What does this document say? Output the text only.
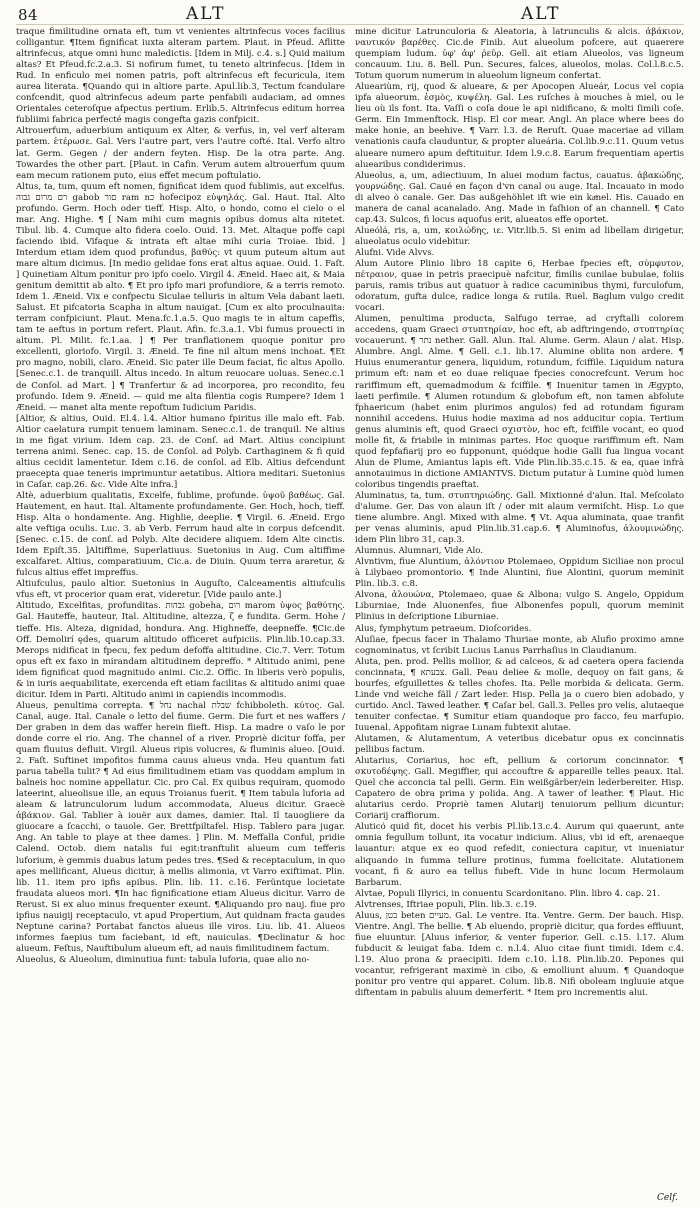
84	ALT	ALT

traque fimilitudine ornata eft, tum vt venientes altrinfecus voces facilius colligantur. ¶Item fignificat iuxta alteram partem. Plaut. in Pfeud. Aflitte altrinfecus, atque omni hunc maledictis. [Idem in Milj. c.4. s.] Quid maiium altas? Et Pfeud.fc.2.a.3. Si nofirum fumet, tu teneto altrinfecus. [Idem in Rud. In enficulo mei nomen patris, poft altrinfecus eft fecuricula, item aurea literata. ¶Quando qui in altiore parte. Apul.lib.3, Tectum fcandulare confcendit, quod altrinfecus adeum parte penfabili audaciam, ad omnes Orientales ceteroſque afpectus pertium. Erlib.5. Altrinfecus editum horrea fubliimi fabrica perfecté magis congefta gazis confpicit.

Altrouerfum, aduerbium antiquum ex Alter, & verfus, in, vel verf alteram partem. ἑτέρωσε. Gal. Vers l'autre part, vers l'autre cofté. Ital. Verfo altro lat. Germ. Gegen / der andern feyten. Hisp. De la otra parte. Ang. Towardes the other part. [Plaut. in Cafin. Verum autem altrouerfum quum eam mecum rationem puto, eius effet mecum poftulatio.

Altus, ta, tum, quum eft nomen, fignificat idem quod fublimis, aut excelfus. רם מרום גבוה gabob םור ram nכ hofecipoz εὐψηλάς. Gal. Haut. Ital. Alto profundo. Germ. Hoch oder tieff. Hisp. Alto, o hondo, como el cielo o el mar. Ang. Highe. ¶ [ Nam mihi cum magnis opibus domus alta nitetet. Tibul. lib. 4. Cumque alto fidera coelo. Ouid. 13. Met. Altaque poffe capi faciendo ibid. Vifaque & intrata eft altae mihi curia Troiae. Ibid. ] Interdum etiam idem quod profundus, βαθύς: vt quum puteum altum aut mare altum dicimus. [In medio gelidae fons erat altus aquae. Ouid. 1. Faſt. ] Quinetiam Altum ponitur pro ipfo coelo. Virgil 4. Æneid. Haec ait, & Maia genitum demittit ab alto. ¶ Et pro ipfo mari profundiore, & a terris remoto. Idem 1. Æneid. Vix e confpectu Siculae telluris in altum Vela dabant laeti. Salust. Et pifcatoria Scapha in altum nauigat. [Cum ex alto proculnauita: terram confpiciunt. Plaut. Mena.fc.1.a.5. Quo magis te in altum capeffis, tam te aeftus in portum refert. Plaut. Afin. fc.3.a.1. Vbi fumus prouecti in altum. Pl. Milit. fc.1.aa. ] ¶ Per tranflationem quoque ponitur pro excellenti, gloriofo. Virgil. 3. Æneid. Te fine nil altum mens inchoat. ¶Et pro magno, nobili, claro. Æneid. Sic pater ille Deum faciat, fic altus Apollo. [Senec.c.1. de tranquill. Altus incedo. In altum reuocare uoluas. Senec.c.1 de Conſol. ad Mart. ] ¶ Tranfertur & ad incorporea, pro recondito, feu profundo. Idem 9. Æneid. — quid me alta filentia cogis Rumpere? Idem 1 Æneid. — manet alta mente repoftum Iudicium Paridis.

[Altior, & altius, Ouid. El.4. l.4. Altior humano fpiritus ille malo eft. Fab. Altior caelatura rumpit tenuem laminam. Senec.c.1. de tranquil. Ne altius in me figat virium. Idem cap. 23. de Conſ. ad Mart. Altius concipiunt terrena animi. Senec. cap. 15. de Conſol. ad Polyb. Carthaginem & fi quid altius cecidit lamentetur. Idem c.16. de conſol. ad Elb. Altius defcendunt praecepta quae teneris imprimuntur aetatibus. Altiora meditari. Suetonius in Caſar. cap.26. &c. Vide Alte infra.]

Altè, aduerbium qualitatis, Excelfe, fublime, profunde. ὑψοῦ βαθέως. Gal. Hautement, en haut. Ital. Altamente profundamente. Ger. Hoch, hoch, tieff. Hisp. Alta o hondamente. Ang. Highlie, deeplie. ¶ Virgil. 6. Æneid. Ergo alte veftiga oculis. Luc. 3. ab Verb. Ferrum haud alte in corpus defcendit. [Senec. c.15. de conſ. ad Polyb. Alte decidere aliquem. Idem Alte cinctis. Idem Epiſt.35. ]Altiffime, Superlatiuus. Suetonius in Aug. Cum altiffime excalfaret. Altius, comparatiuum, Cic.a. de Diuin. Quum terra araretur, & fulcus altius effet impreffus.

Altiufculus, paulo altior. Suetonius in Auguſto, Calceamentis altiufculis vfus eft, vt procerior quam erat, videretur. [Vide paulo ante.]

Altitudo, Excelfitas, profunditas. גבהות gobeha, רום marom ὑψος βαθύτης. Gal. Hauteffe, hauteur. Ital. Altitudine, altezza, ζ e fundita. Germ. Hohe / tieffe. His. Alteza, dignidad, hondura. Ang. Highneffe, deepneffe. ¶Cic.de Off. Demolirí ędes, quarum altitudo officeret aufpiciis. Plin.lib.10.cap.33. Merops nidificat in fpecu, fex pedum defoffa altitudine. Cic.7. Verr. Totum opus eft ex faxo in mirandam altitudinem depreffo. * Altitudo animi, pene idem fignificat quod magnitudo animi. Cic.2. Offic. In liberis verò populis, & in iuris aequabilitate, exercenda eft etiam facilitas & altitudo animi quae dicitur. Idem in Parti. Altitudo animi in capiendis incommodis.

Alueus, penultima correpta. ¶ נחל nachal שבלת fchibboleth. κύτος. Gal. Canal, auge. Ital. Canale o letto del fiume. Germ. Die furt et nes waffers / Der graben in dem das waffer herein flieft. Hisp. La madre o vaſo le por donde corre el rio. Ang. The channel of a river. Propriè dicitur foffa, per quam fluuius defluit. Virgil. Alueus ripis volucres, & fluminis alueo. [Ouid. 2. Faſt. Suftinet impofitos fumma cauus alueus vnda. Heu quantum fati parua tabella tulit? ¶ Ad eius fimilitudinem etiam vas quoddam amplum in balneis hoc nomine appellatur. Cic. pro Cal. Ex quibus requiram, quomodo lateerint, alueolisue ille, an equus Troianus fuerit. ¶ Item tabula luforia ad aleam & latrunculorum ludum accommodata, Alueus dicitur. Graecè ἀβάκιον. Gal. Tablier à iouër aux dames, damier. Ital. Il tauogliere da giuocare a ſcacchi, o tauole. Ger. Brettfpiltafel. Hisp. Tablero para jugar. Ang. An table to playe at thee dames. ] Plin. M. Meffalla Conful, pridie Calend. Octob. diem natalis fui egit:tranftulit alueum cum tefferis luforium, è gemmis duabus latum pedes tres. ¶Sed & receptaculum, in quo apes mellificant, Alueus dicitur, à mellis alimonia, vt Varro exiftimat. Plin. lib. 11. item pro ipfis apibus. Plin. lib. 11. c.16. Ferüntque locietate fraudata alueos mori. ¶In hac fignificatione etiam Alueus dicitur. Varro de Rerust. Si ex aluo minus frequenter exeunt. ¶Aliquando pro nauj. fiue pro ipfius nauigij receptaculo, vt apud Propertium, Aut quidnam fracta gaudes Neptune carina? Portabat fanctos alueus ille viros. Liu. lib. 41. Alueos informes faepius tum faciebant, id eft, nauiculas. ¶Declinatur & hoc alueum. Feſtus, Nauftibulum alueum eft, ad nauis fimilitudinem factum.

Alueolus, & Alueolum, diminutiua funt: tabula luforia, quae alio no-

mine dicitur Latrunculoria & Aleatoria, à latrunculis & alcis. ἀβάκιον, ναυτικόν βαρέθες. Cic.de Finib. Aut alueolum pofcere, aut quaerere quempiam ludum. ὑφ' ἀφ' ῥεῦρ. Gell. ait etiam Alueolos, vas ligneum concauum. Liu. 8. Bell. Pun. Secures, falces, alueolos, molas. Col.l.8.c.5. Totum quorum numerum in alueolum ligneum confertat.

Alueariùm, rij, quod & alueare, & per Apocopen Alueár, Locus vel copia ipfa alueorum. ἐσμὸς, κυψέλη. Gal. Les ruſches à mouches à miel, ou le lieu où ils font. Ita. Vaſſi o coſa doue le api nidificano, & molti ſimili coſe. Germ. Ein Immenftock. Hisp. El cor mear. Angl. An place where bees do make honie, an beehive. ¶ Varr. l.3. de Reruſt. Quae maceriae ad villam venationis caufa clauduntur, & propter alueária. Col.lib.9.c.11. Quum vetus alueare numero apum deftituitur. Idem l.9.c.8. Earum frequentiam apertis aluearibus condiderimus.

Alueolus, a, um, adiectiuum, In aluei modum factus, cauatus. ἀβακώδης, γουρνώδης. Gal. Caué en façon d'vn canal ou auge. Ital. Incauato in modo di alveo ò canale. Ger. Das außgehöhlet ift wie ein kaͤnel. His. Cauado en manera de canal acanalado. Ang. Made in faſhion of an channell. ¶ Cato cap.43. Sulcos, fi locus aquofus erit, alueatos effe oportet.

Alueólá, ris, a, um, κοιλώδης, ιε. Vitr.lib.5. Si enim ad libellam dirigetur, alueolatus oculo videbitur.

Alufni. Vide Alvvs.

Alum Autore Plinio libro 18 capite 6, Herbae fpecies eft, σύμφυτον, πέτραιον, quae in petris praecipuè nafcitur, fimilis cunilae bubulae, foliis paruis, ramis tribus aut quatuor à radice cacuminibus thymi, furculofum, odoratum, gufta dulce, radice longa & rutila. Ruel. Baglum vulgo credit vocari.

Alumen, penultima producta, Salfugo terrae, ad cryftalli colorem accedens, quam Graeci στυπτηρίαν, hoc eft, ab adftringendo, στυπτηρίας vocauerunt. ¶ נתר nether. Gall. Alun. Ital. Alume. Germ. Alaun / alat. Hisp. Alumbre. Angl. Alme. ¶ Gell. c.1. lib.17. Alumine oblita non ardere. ¶ Huius enumerantur genera, liquidum, rotundum, fciffile. Liquidum natura primum eft: nam et eo duae reliquae fpecies conocrefcunt. Verum hoc rariffimum eft, quemadmodum & fciffile. ¶ Inuenitur tamen in Ægypto, laeti perfimile. ¶ Alumen rotundum & globofum eft, non tamen abfolute fphaericum (habet enim plurimos angulos) fed ad rotundam figuram nonnihil accedens. Huius hodie maxima ad nos adducitur copia. Tertium genus aluminis eft, quod Graeci σχιστὸν, hoc eft, fciffile vocant, eo quod molle fit, & friabile in minimas partes. Hoc quoque rariffimum eft. Nam quod fepfafiarij pro eo fupponunt, quódque hodie Galli fua lingua vocant Alun de Plume, Amiantus lapis eft. Vide Plin.lib.35.c.15. & ea, quae infrà annotauimus in dictione AMIANTVS. Dictum putatur à Lumine quòd lumen coloribus tingendis praeftat.

Aluminatus, ta, tum. στυπτηριώδης. Gall. Mixtionné d'alun. Ital. Meſcolato d'alume. Ger. Das von alaun iſt / oder mit alaum vermiſcht. Hisp. Lo que tiene alumbre. Angl. Mixed with alme. ¶ Vt. Aqua aluminata, quae tranfit per venas aluminis, apud Plin.lib.31.cap.6. ¶ Aluminofus, ἀλουμινώδης. idem Plin libro 31, cap.3.

Alumnus. Alumnari, Vide Alo.

Alvntivm, fiue Aluntium, ἀλόντιον Ptolemaeo, Oppidum Siciliae non procul à Lilybaeo promontorio. ¶ Inde Aluntini, fiue Alontini, quorum meminit Plin. lib.3. c.8.

Alvona, ἀλουώνα, Ptolemaeo, quae & Albona: vulgo S. Angelo, Oppidum Liburniae, Inde Aluonenfes, fiue Albonenfes populi, quorum meminit Plinius in deſcriptione Liburniae.

Alus, fymphytum petraeum. Dioſcorides.

Aluſiae, fpecus facer in Thalamo Thuriae monte, ab Alufio proximo amne cognominatus, vt ſcribit Lucius Lanus Parrhaſius in Claudianum.

Aluta, pen. prod. Pellis mollior, & ad calceos, & ad caetera opera facienda concinnata, ¶ צבעתא. Gall. Peau deliee & molle, dequoy on fait gans, & bourfes, efguillettes & telles chofes. Ita. Pelle morbida & delicata. Germ. Linde vnd weiche fäll / Zart leder. Hisp. Pella ja o cuero bien adobado, y curtido. Ancl. Tawed leather. ¶ Caſar bel. Gall.3. Pelles pro velis, alutaeque tenuiter confectae. ¶ Sumitur etiam quandoque pro facco, feu marfupio. Iuuenal. Appofitam nigrae Lunam fubtexit alutae.

Alutamen, & Alutamentum, A veteribus dicebatur opus ex concinnatis pellibus factum.

Alutarius, Coriarius, hoc eft, pellium & coriorum concinnator. ¶ σκυτοδέψης. Gall. Megiffier, qui accouftre & appareille telles peaux. Ital. Quel che acconcia tal pelli. Germ. Ein weißgärber/ein lederbereiter. Hisp. Capatero de obra prima y polida. Ang. A tawer of leather. ¶ Plaut. Hic alutarius cerdo. Propriè tamen Alutarij tenuiorum pellium dicuntur: Coriarij craffiorum.

Aluticó quid fit, docet his verbis Pl.lib.13.c.4. Aurum qui quaerunt, ante omnia fegullum tollunt, ita vocatur indicium. Alius, vbi id eft, arenaeque lauantur: atque ex eo quod refedit, coniectura capitur, vt inueniatur aliquando in fumma tellure protinus, fumma foelicitate. Alutationem vocant, fi & auro ea tellus fubeft. Vide in hunc locum Hermolaum Barbarum.

Alvtae, Populi Illyrici, in conuentu Scardonitano. Plin. libro 4. cap. 21.

Alvtrenses, Iftriae populi, Plin. lib.3. c.19.

Aluus, בטן beten מעיים. Gal. Le ventre. Ita. Ventre. Germ. Der bauch. Hisp. Vientre. Angl. The bellie. ¶ Ab eluendo, propriè dicitur, qua fordes effluunt, fiue eluuntur. [Aluus inferior, & venter fuperior. Gell. c.15. l.17. Alum fubducit & leuigat faba. Idem c. n.l.4. Aluo citae fiunt timidi. Idem c.4. l.19. Aluo prona & praecipiti. Idem c.10. l.18. Plin.lib.20. Pepones qui vocantur, refrigerant maximè in cibo, & emolliunt aluum. ¶ Quandoque ponitur pro ventre qui apparet. Colum. lib.8. Nifi oboleam ingluuie atque diftentam in pabulis aluum demerferit. * Item pro incrementis alui.

Celf.
